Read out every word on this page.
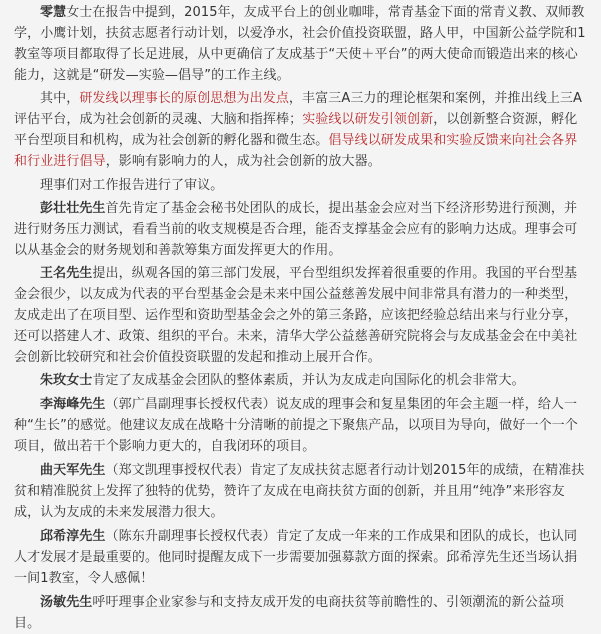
零慧女士在报告中提到，2015年，友成平台上的创业咖啡，常青基金下面的常青义教、双师教学，小鹰计划，扶贫志愿者行动计划，以爱净水，社会价值投资联盟，路人甲，中国新公益学院和1教室等项目都取得了长足进展，从中更确信了友成基于“天使＋平台”的两大使命而锻造出来的核心能力，这就是“研发—实验—倡导”的工作主线。

其中，研发线以理事长的原创思想为出发点，丰富三A三力的理论框架和案例，并推出线上三A评估平台，成为社会创新的灵魂、大脑和指挥棒；实验线以研发引领创新，以创新整合资源，孵化平台型项目和机构，成为社会创新的孵化器和微生态。倡导线以研发成果和实验反馈来向社会各界和行业进行倡导，影响有影响力的人，成为社会创新的放大器。

理事们对工作报告进行了审议。

彭壮壮先生首先肯定了基金会秘书处团队的成长，提出基金会应对当下经济形势进行预测，并进行财务压力测试，看看当前的收支规模是否合理，能否支撑基金会应有的影响力达成。理事会可以从基金会的财务规划和善款筹集方面发挥更大的作用。

王名先生提出，纵观各国的第三部门发展，平台型组织发挥着很重要的作用。我国的平台型基金会很少，以友成为代表的平台型基金会是未来中国公益慈善发展中间非常具有潜力的一种类型，友成走出了在项目型、运作型和资助型基金会之外的第三条路，应该把经验总结出来与行业分享，还可以搭建人才、政策、组织的平台。未来，清华大学公益慈善研究院将会与友成基金会在中美社会创新比较研究和社会价值投资联盟的发起和推动上展开合作。

朱玫女士肯定了友成基金会团队的整体素质，并认为友成走向国际化的机会非常大。

李海峰先生（郭广昌副理事长授权代表）说友成的理事会和复星集团的年会主题一样，给人一种“生长”的感觉。他建议友成在战略十分清晰的前提之下聚焦产品，以项目为导向，做好一个一个项目，做出若干个影响力更大的，自我闭环的项目。

曲天军先生（郑文凯理事授权代表）肯定了友成扶贫志愿者行动计划2015年的成绩，在精准扶贫和精准脱贫上发挥了独特的优势，赞许了友成在电商扶贫方面的创新，并且用“纯净”来形容友成，认为友成的未来发展潜力很大。

邱希淳先生（陈东升副理事长授权代表）肯定了友成一年来的工作成果和团队的成长，也认同人才发展才是最重要的。他同时提醒友成下一步需要加强募款方面的探索。邱希淳先生还当场认捐一间1教室，令人感佩！

汤敏先生呼吁理事企业家参与和支持友成开发的电商扶贫等前瞻性的、引领潮流的新公益项目。
